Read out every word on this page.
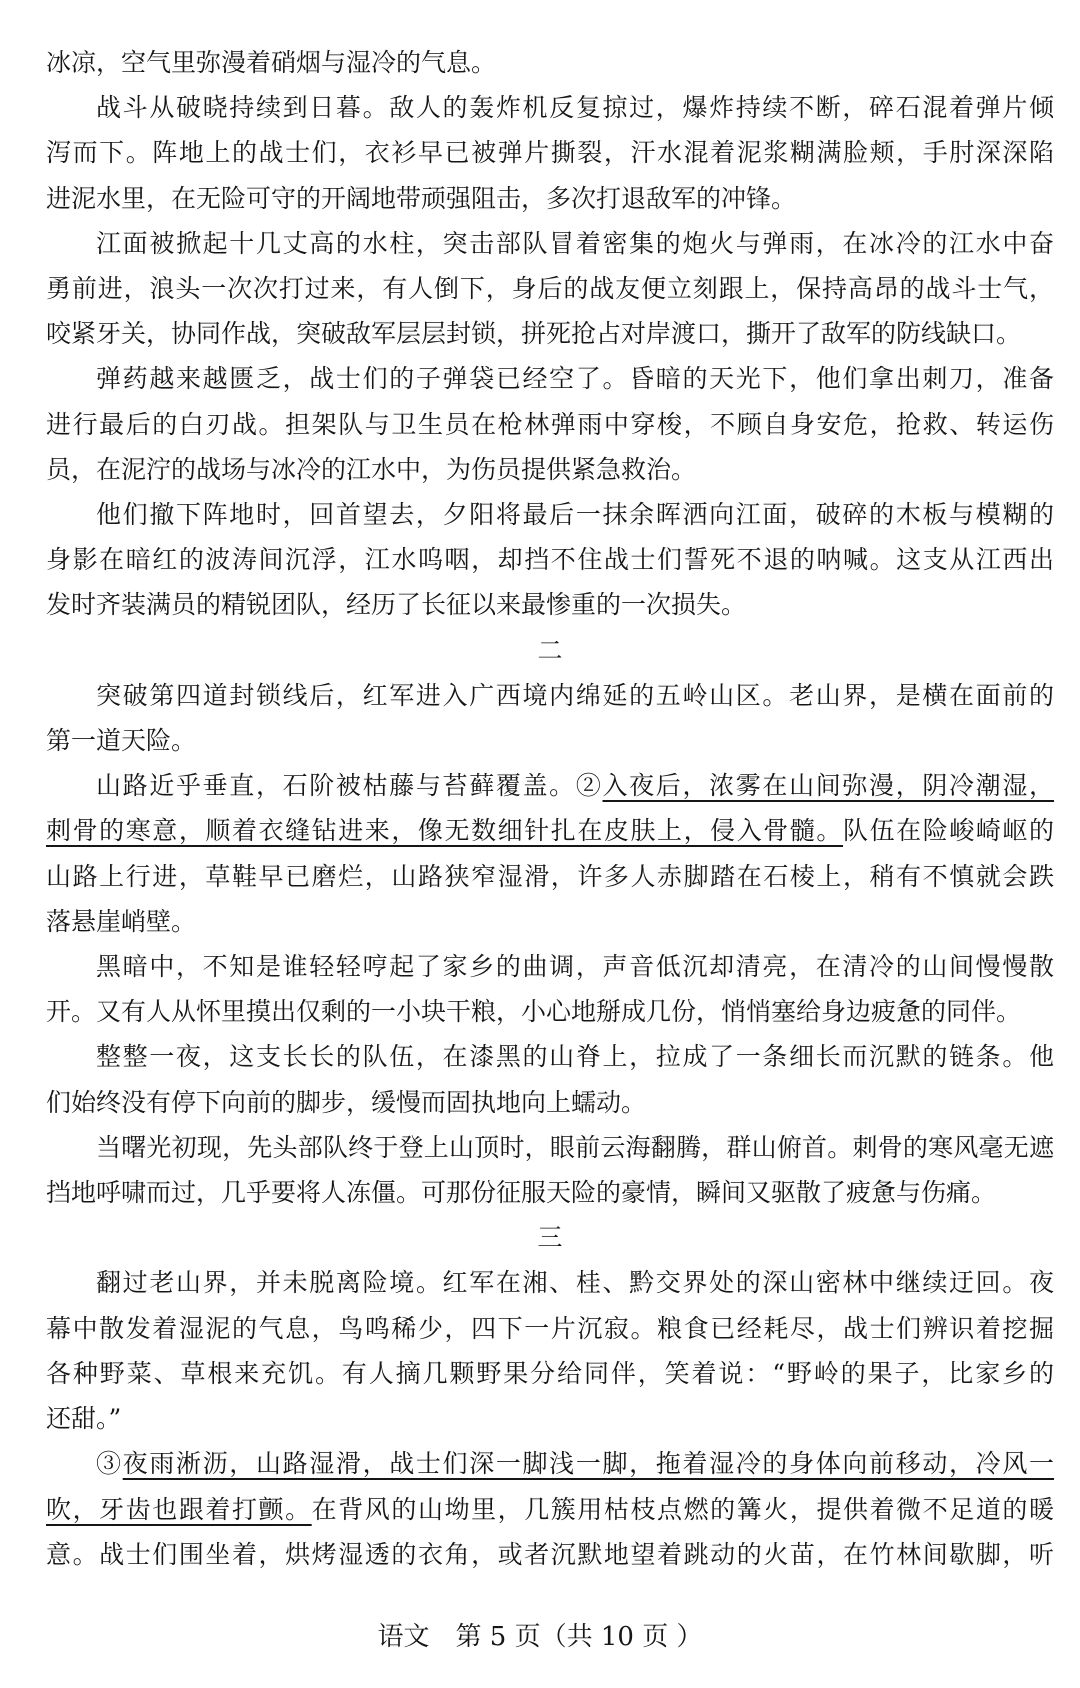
冰凉，空气里弥漫着硝烟与湿冷的气息。
战斗从破晓持续到日暮。敌人的轰炸机反复掠过，爆炸持续不断，碎石混着弹片倾
泻而下。阵地上的战士们，衣衫早已被弹片撕裂，汗水混着泥浆糊满脸颊，手肘深深陷
进泥水里，在无险可守的开阔地带顽强阻击，多次打退敌军的冲锋。
江面被掀起十几丈高的水柱，突击部队冒着密集的炮火与弹雨，在冰冷的江水中奋
勇前进，浪头一次次打过来，有人倒下，身后的战友便立刻跟上，保持高昂的战斗士气，
咬紧牙关，协同作战，突破敌军层层封锁，拼死抢占对岸渡口，撕开了敌军的防线缺口。
弹药越来越匮乏，战士们的子弹袋已经空了。昏暗的天光下，他们拿出刺刀，准备
进行最后的白刃战。担架队与卫生员在枪林弹雨中穿梭，不顾自身安危，抢救、转运伤
员，在泥泞的战场与冰冷的江水中，为伤员提供紧急救治。
他们撤下阵地时，回首望去，夕阳将最后一抹余晖洒向江面，破碎的木板与模糊的
身影在暗红的波涛间沉浮，江水呜咽，却挡不住战士们誓死不退的呐喊。这支从江西出
发时齐装满员的精锐团队，经历了长征以来最惨重的一次损失。
二
突破第四道封锁线后，红军进入广西境内绵延的五岭山区。老山界，是横在面前的
第一道天险。
山路近乎垂直，石阶被枯藤与苔藓覆盖。②入夜后，浓雾在山间弥漫，阴冷潮湿，
刺骨的寒意，顺着衣缝钻进来，像无数细针扎在皮肤上，侵入骨髓。队伍在险峻崎岖的
山路上行进，草鞋早已磨烂，山路狭窄湿滑，许多人赤脚踏在石棱上，稍有不慎就会跌
落悬崖峭壁。
黑暗中，不知是谁轻轻哼起了家乡的曲调，声音低沉却清亮，在清冷的山间慢慢散
开。又有人从怀里摸出仅剩的一小块干粮，小心地掰成几份，悄悄塞给身边疲惫的同伴。
整整一夜，这支长长的队伍，在漆黑的山脊上，拉成了一条细长而沉默的链条。他
们始终没有停下向前的脚步，缓慢而固执地向上蠕动。
当曙光初现，先头部队终于登上山顶时，眼前云海翻腾，群山俯首。刺骨的寒风毫无遮
挡地呼啸而过，几乎要将人冻僵。可那份征服天险的豪情，瞬间又驱散了疲惫与伤痛。
三
翻过老山界，并未脱离险境。红军在湘、桂、黔交界处的深山密林中继续迂回。夜
幕中散发着湿泥的气息，鸟鸣稀少，四下一片沉寂。粮食已经耗尽，战士们辨识着挖掘
各种野菜、草根来充饥。有人摘几颗野果分给同伴，笑着说：“野岭的果子，比家乡的
还甜。”
③夜雨淅沥，山路湿滑，战士们深一脚浅一脚，拖着湿冷的身体向前移动，冷风一
吹，牙齿也跟着打颤。在背风的山坳里，几簇用枯枝点燃的篝火，提供着微不足道的暖
意。战士们围坐着，烘烤湿透的衣角，或者沉默地望着跳动的火苗，在竹林间歇脚，听
语文　第 5 页（共 10 页 ）
